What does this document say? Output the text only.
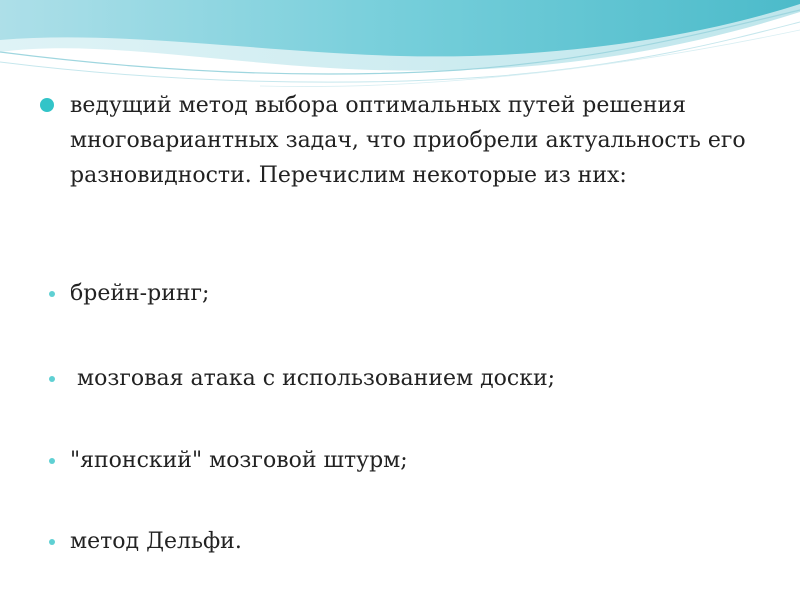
ведущий метод выбора оптимальных путей решения многовариантных задач, что приобрели актуальность его разновидности. Перечислим некоторые из них:

брейн-ринг;

мозговая атака с использованием доски;

"японский" мозговой штурм;

метод Дельфи.
